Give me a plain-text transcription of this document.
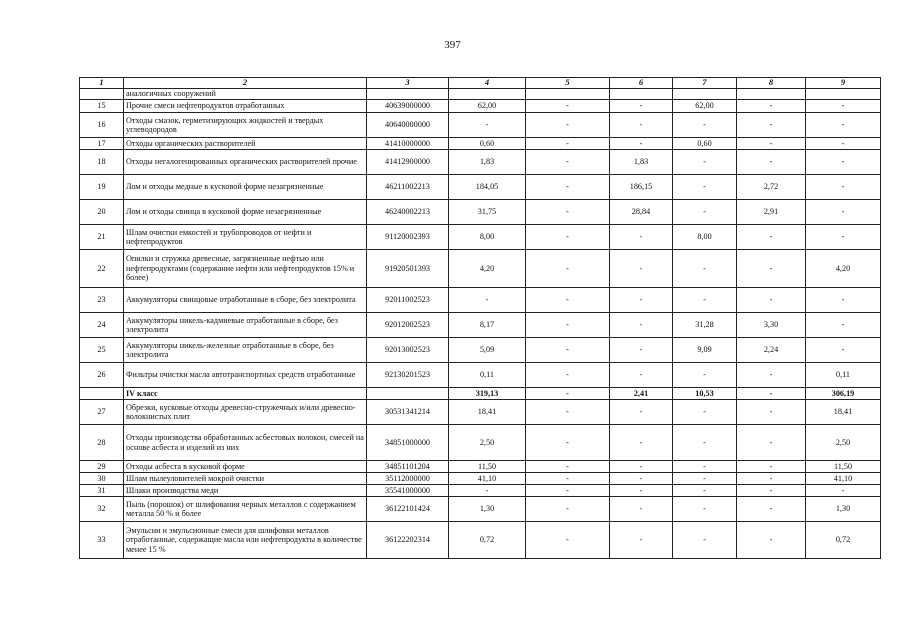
397
1	2	3	4	5	6	7	8	9
	аналогичных сооружений							
15	Прочие смеси нефтепродуктов отработанных	40639000000	62,00	-	-	62,00	-	-
16	Отходы смазок, герметизирующих жидкостей и твердых углеводородов	40640000000	-	-	-	-	-	-
17	Отходы органических растворителей	41410000000	0,60	-	-	0,60	-	-
18	Отходы негалогенированных органических растворителей прочие	41412900000	1,83	-	1,83	-	-	-
19	Лом и отходы медные в кусковой форме незагрязненные	46211002213	184,05	-	186,15	-	2,72	-
20	Лом и отходы свинца в кусковой форме незагрязненные	46240002213	31,75	-	28,84	-	2,91	-
21	Шлам очистки емкостей и трубопроводов от нефти и нефтепродуктов	91120002393	8,00	-	-	8,00	-	-
22	Опилки и стружка древесные, загрязненные нефтью или нефтепродуктами (содержание нефти или нефтепродуктов 15% и более)	91920501393	4,20	-	-	-	-	4,20
23	Аккумуляторы свинцовые отработанные в сборе, без электролита	92011002523	-	-	-	-	-	-
24	Аккумуляторы никель-кадмиевые отработанные в сборе, без электролита	92012002523	8,17	-	-	31,28	3,30	-
25	Аккумуляторы никель-железные отработанные в сборе, без электролита	92013002523	5,09	-	-	9,09	2,24	-
26	Фильтры очистки масла автотранспортных средств отработанные	92130201523	0,11	-	-	-	-	0,11
	IV класс		319,13	-	2,41	10,53	-	306,19
27	Обрезки, кусковые отходы древесно-стружечных и/или древесно-волокнистых плит	30531341214	18,41	-	-	-	-	18,41
28	Отходы производства обработанных асбестовых волокон, смесей на основе асбеста и изделий из них	34851000000	2,50	-	-	-	-	2,50
29	Отходы асбеста в кусковой форме	34851101204	11,50	-	-	-	-	11,50
30	Шлам пылеуловителей мокрой очистки	35112000000	41,10	-	-	-	-	41,10
31	Шлаки производства меди	35541000000	-	-	-	-	-	-
32	Пыль (порошок) от шлифования черных металлов с содержанием металла 50 % и более	36122101424	1,30	-	-	-	-	1,30
33	Эмульсии и эмульсионные смеси для шлифовки металлов отработанные, содержащие масла или нефтепродукты в количестве менее 15 %	36122202314	0,72	-	-	-	-	0,72
